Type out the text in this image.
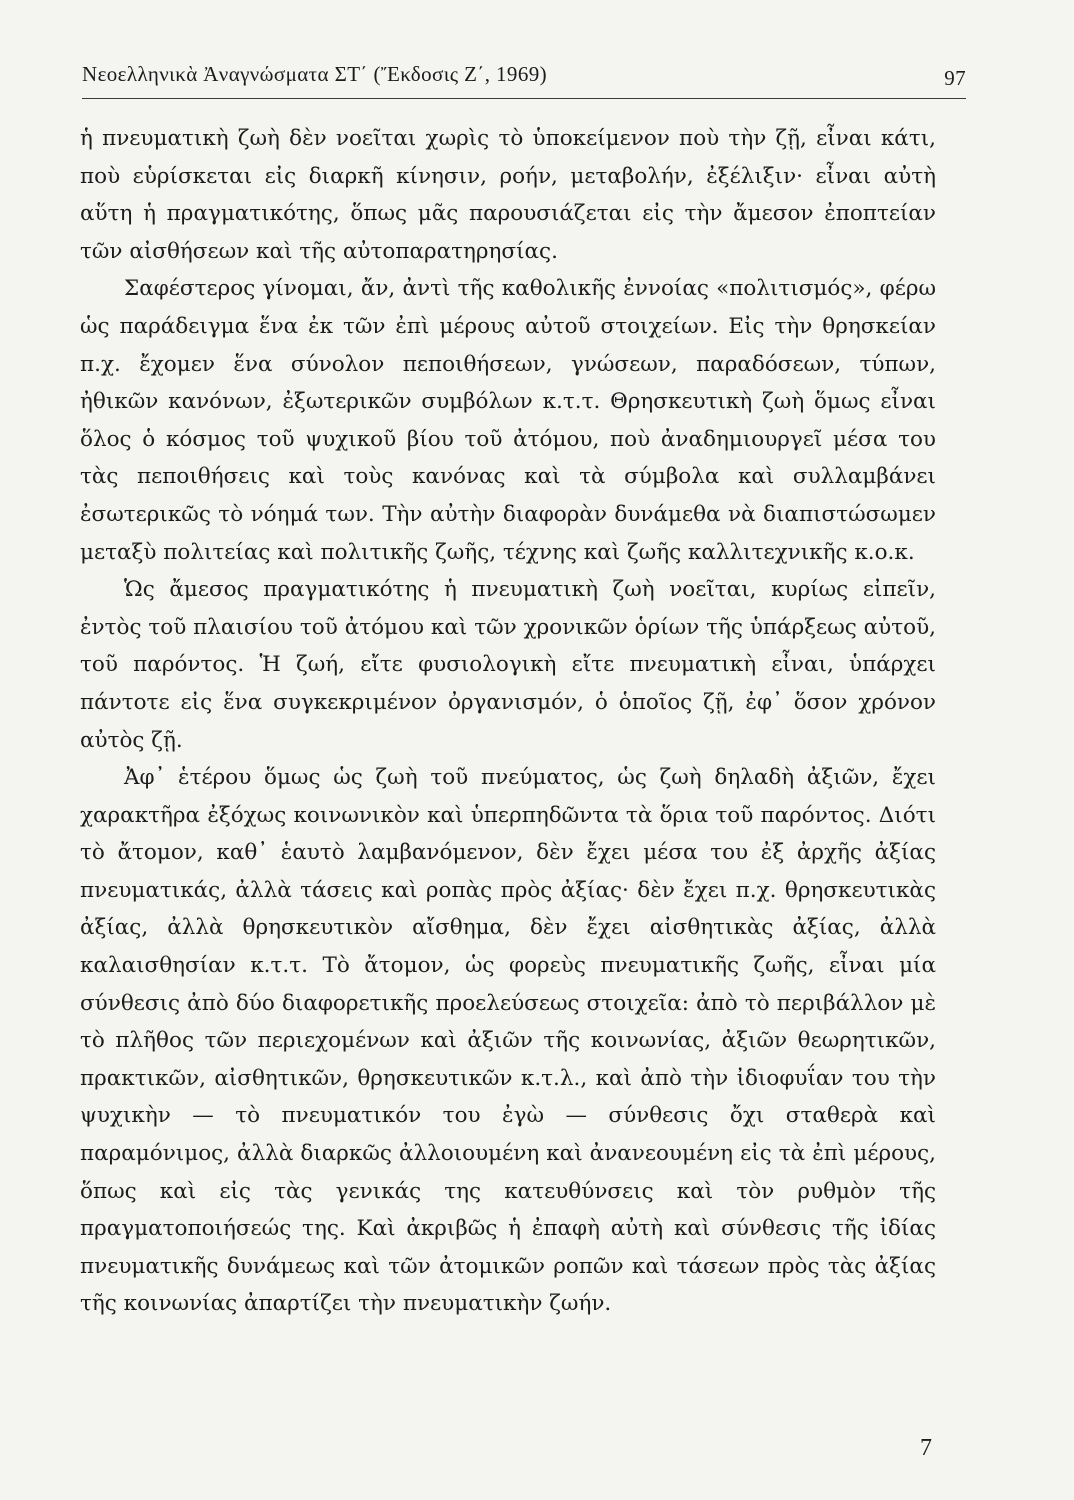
Νεοελληνικὰ Ἀναγνώσματα ΣΤ΄ (Ἔκδοσις Ζ΄, 1969)	97

ἡ πνευματικὴ ζωὴ δὲν νοεῖται χωρὶς τὸ ὑποκείμενον ποὺ τὴν ζῇ, εἶναι κάτι, ποὺ εὑρίσκεται εἰς διαρκῆ κίνησιν, ροήν, μεταβολήν, ἐξέλιξιν· εἶναι αὐτὴ αὕτη ἡ πραγματικότης, ὅπως μᾶς παρουσιάζεται εἰς τὴν ἄμεσον ἐποπτείαν τῶν αἰσθήσεων καὶ τῆς αὐτοπαρατηρησίας.

Σαφέστερος γίνομαι, ἄν, ἀντὶ τῆς καθολικῆς ἐννοίας «πολιτισμός», φέρω ὡς παράδειγμα ἕνα ἐκ τῶν ἐπὶ μέρους αὐτοῦ στοιχείων. Εἰς τὴν θρησκείαν π.χ. ἔχομεν ἕνα σύνολον πεποιθήσεων, γνώσεων, παραδόσεων, τύπων, ἠθικῶν κανόνων, ἐξωτερικῶν συμβόλων κ.τ.τ. Θρησκευτικὴ ζωὴ ὅμως εἶναι ὅλος ὁ κόσμος τοῦ ψυχικοῦ βίου τοῦ ἀτόμου, ποὺ ἀναδημιουργεῖ μέσα του τὰς πεποιθήσεις καὶ τοὺς κανόνας καὶ τὰ σύμβολα καὶ συλλαμβάνει ἐσωτερικῶς τὸ νόημά των. Τὴν αὐτὴν διαφορὰν δυνάμεθα νὰ διαπιστώσωμεν μεταξὺ πολιτείας καὶ πολιτικῆς ζωῆς, τέχνης καὶ ζωῆς καλλιτεχνικῆς κ.ο.κ.

Ὡς ἄμεσος πραγματικότης ἡ πνευματικὴ ζωὴ νοεῖται, κυρίως εἰπεῖν, ἐντὸς τοῦ πλαισίου τοῦ ἀτόμου καὶ τῶν χρονικῶν ὁρίων τῆς ὑπάρξεως αὐτοῦ, τοῦ παρόντος. Ἡ ζωή, εἴτε φυσιολογικὴ εἴτε πνευματικὴ εἶναι, ὑπάρχει πάντοτε εἰς ἕνα συγκεκριμένον ὀργανισμόν, ὁ ὁποῖος ζῇ, ἐφ᾽ ὅσον χρόνον αὐτὸς ζῇ.

Ἀφ᾽ ἑτέρου ὅμως ὡς ζωὴ τοῦ πνεύματος, ὡς ζωὴ δηλαδὴ ἀξιῶν, ἔχει χαρακτῆρα ἐξόχως κοινωνικὸν καὶ ὑπερπηδῶντα τὰ ὅρια τοῦ παρόντος. Διότι τὸ ἄτομον, καθ᾽ ἑαυτὸ λαμβανόμενον, δὲν ἔχει μέσα του ἐξ ἀρχῆς ἀξίας πνευματικάς, ἀλλὰ τάσεις καὶ ροπὰς πρὸς ἀξίας· δὲν ἔχει π.χ. θρησκευτικὰς ἀξίας, ἀλλὰ θρησκευτικὸν αἴσθημα, δὲν ἔχει αἰσθητικὰς ἀξίας, ἀλλὰ καλαισθησίαν κ.τ.τ. Τὸ ἄτομον, ὡς φορεὺς πνευματικῆς ζωῆς, εἶναι μία σύνθεσις ἀπὸ δύο διαφορετικῆς προελεύσεως στοιχεῖα: ἀπὸ τὸ περιβάλλον μὲ τὸ πλῆθος τῶν περιεχομένων καὶ ἀξιῶν τῆς κοινωνίας, ἀξιῶν θεωρητικῶν, πρακτικῶν, αἰσθητικῶν, θρησκευτικῶν κ.τ.λ., καὶ ἀπὸ τὴν ἰδιοφυΐαν του τὴν ψυχικὴν — τὸ πνευματικόν του ἐγὼ — σύνθεσις ὄχι σταθερὰ καὶ παραμόνιμος, ἀλλὰ διαρκῶς ἀλλοιουμένη καὶ ἀνανεουμένη εἰς τὰ ἐπὶ μέρους, ὅπως καὶ εἰς τὰς γενικάς της κατευθύνσεις καὶ τὸν ρυθμὸν τῆς πραγματοποιήσεώς της. Καὶ ἀκριβῶς ἡ ἐπαφὴ αὐτὴ καὶ σύνθεσις τῆς ἰδίας πνευματικῆς δυνάμεως καὶ τῶν ἀτομικῶν ροπῶν καὶ τάσεων πρὸς τὰς ἀξίας τῆς κοινωνίας ἀπαρτίζει τὴν πνευματικὴν ζωήν.

7
